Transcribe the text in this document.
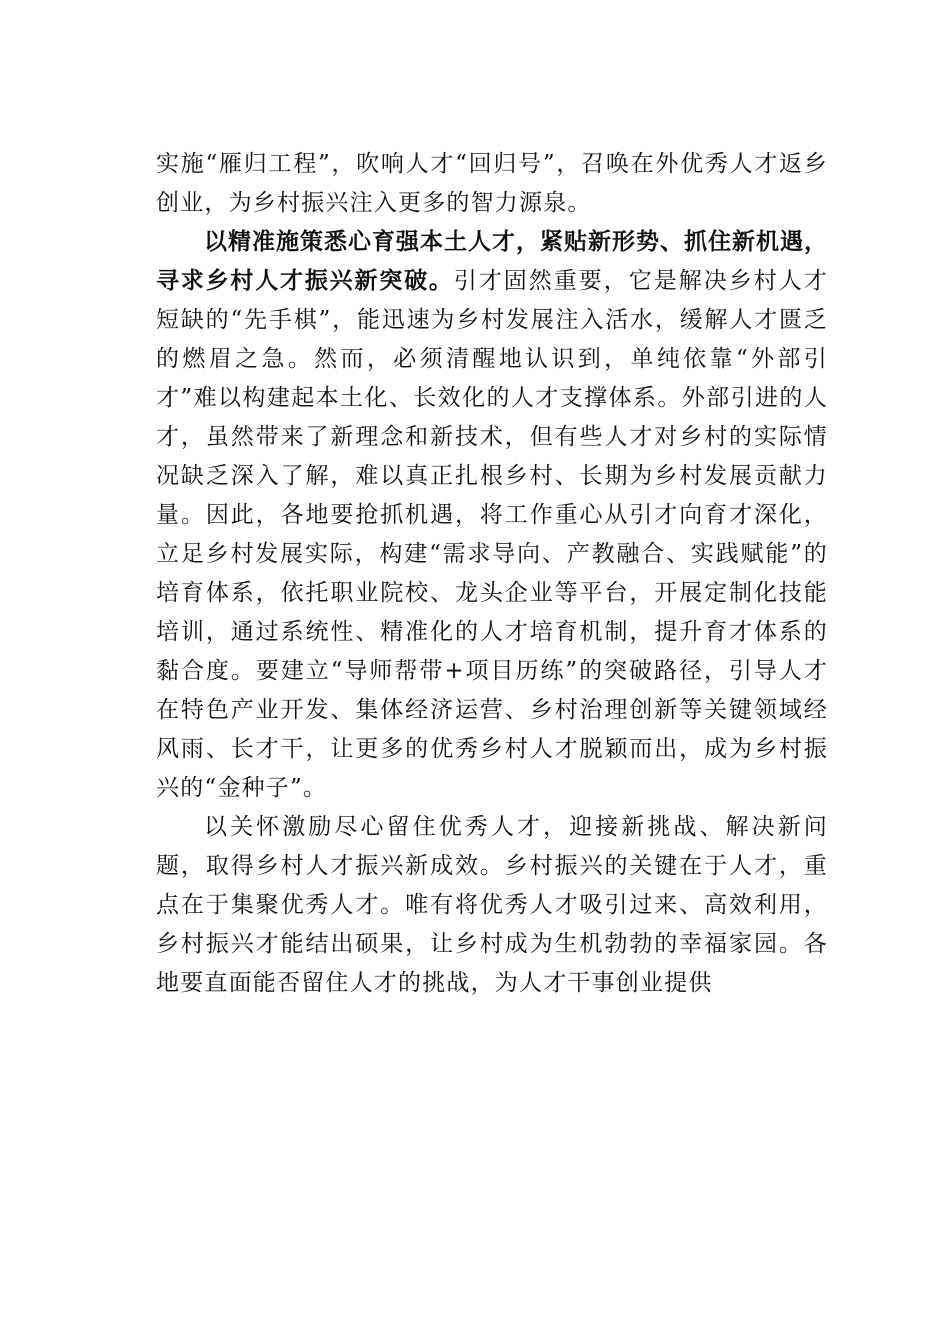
实施“雁归工程”，吹响人才“回归号”，召唤在外优秀人才返乡创业，为乡村振兴注入更多的智力源泉。

以精准施策悉心育强本土人才，紧贴新形势、抓住新机遇，寻求乡村人才振兴新突破。引才固然重要，它是解决乡村人才短缺的“先手棋”，能迅速为乡村发展注入活水，缓解人才匮乏的燃眉之急。然而，必须清醒地认识到，单纯依靠“外部引才”难以构建起本土化、长效化的人才支撑体系。外部引进的人才，虽然带来了新理念和新技术，但有些人才对乡村的实际情况缺乏深入了解，难以真正扎根乡村、长期为乡村发展贡献力量。因此，各地要抢抓机遇，将工作重心从引才向育才深化，立足乡村发展实际，构建“需求导向、产教融合、实践赋能”的培育体系，依托职业院校、龙头企业等平台，开展定制化技能培训，通过系统性、精准化的人才培育机制，提升育才体系的黏合度。要建立“导师帮带+项目历练”的突破路径，引导人才在特色产业开发、集体经济运营、乡村治理创新等关键领域经风雨、长才干，让更多的优秀乡村人才脱颖而出，成为乡村振兴的“金种子”。

以关怀激励尽心留住优秀人才，迎接新挑战、解决新问题，取得乡村人才振兴新成效。乡村振兴的关键在于人才，重点在于集聚优秀人才。唯有将优秀人才吸引过来、高效利用，乡村振兴才能结出硕果，让乡村成为生机勃勃的幸福家园。各地要直面能否留住人才的挑战，为人才干事创业提供
